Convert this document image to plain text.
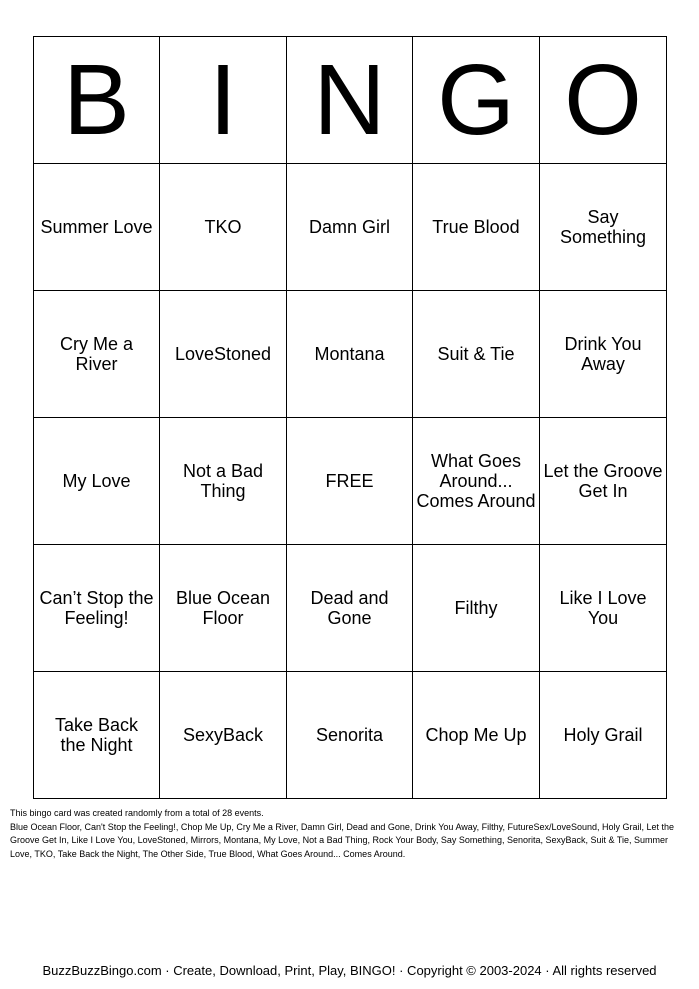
B	I	N	G	O

Summer Love	TKO	Damn Girl	True Blood	Say Something

Cry Me a River	LoveStoned	Montana	Suit & Tie	Drink You Away

My Love	Not a Bad Thing	FREE	What Goes Around... Comes Around	Let the Groove Get In

Can’t Stop the Feeling!	Blue Ocean Floor	Dead and Gone	Filthy	Like I Love You

Take Back the Night	SexyBack	Senorita	Chop Me Up	Holy Grail

This bingo card was created randomly from a total of 28 events.

Blue Ocean Floor, Can't Stop the Feeling!, Chop Me Up, Cry Me a River, Damn Girl, Dead and Gone, Drink You Away, Filthy, FutureSex/LoveSound, Holy Grail, Let the Groove Get In, Like I Love You, LoveStoned, Mirrors, Montana, My Love, Not a Bad Thing, Rock Your Body, Say Something, Senorita, SexyBack, Suit & Tie, Summer Love, TKO, Take Back the Night, The Other Side, True Blood, What Goes Around... Comes Around.

BuzzBuzzBingo.com · Create, Download, Print, Play, BINGO! · Copyright © 2003-2024 · All rights reserved
